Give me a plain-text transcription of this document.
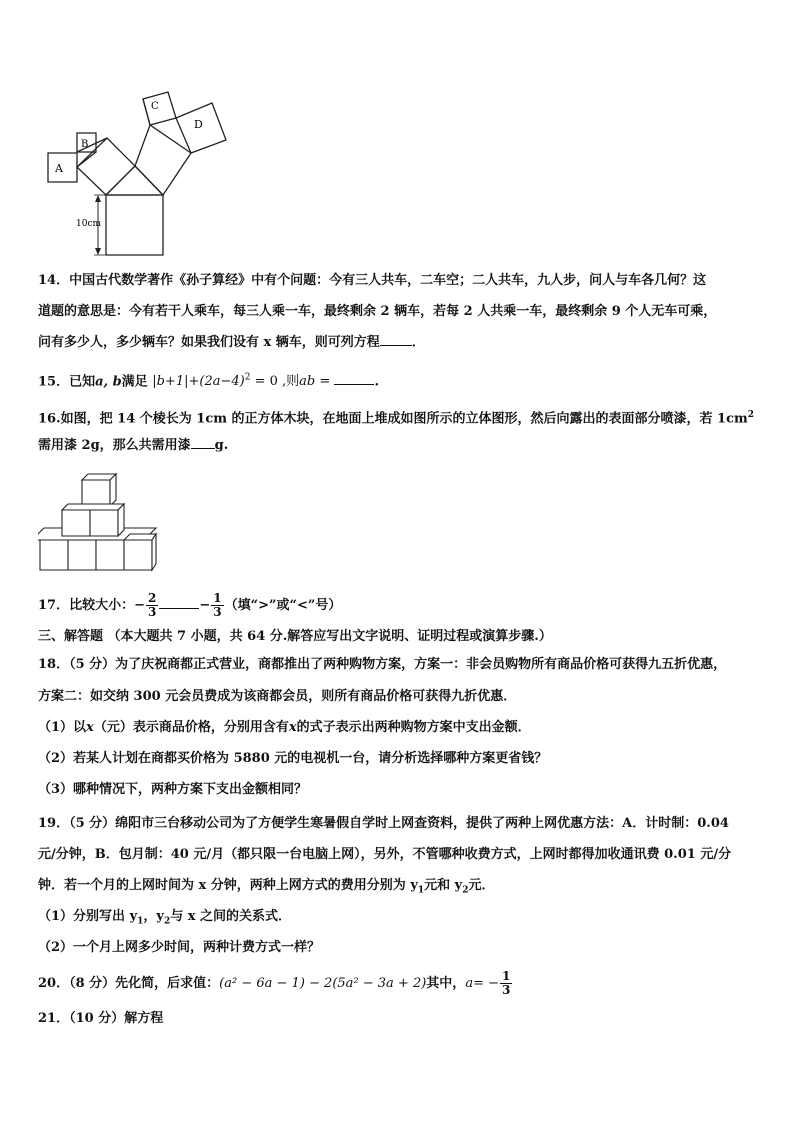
A
B
C
D
10cm
14．中国古代数学著作《孙子算经》中有个问题：今有三人共车，二车空；二人共车，九人步，问人与车各几何？这
道题的意思是：今有若干人乘车，每三人乘一车，最终剩余 2 辆车，若每 2 人共乘一车，最终剩余 9 个人无车可乘，
问有多少人，多少辆车？如果我们设有 x 辆车，则可列方程 ．
15．已知a, b满足 $|b+1|+(2a-4)^2 = 0$ ,则ab =	.
16.如图，把 14 个棱长为 1cm 的正方体木块，在地面上堆成如图所示的立体图形，然后向露出的表面部分喷漆，若 $1cm^2$
需用漆 2g，那么共需用漆 g.
17．比较大小：− $\frac{2}{3}$	− $\frac{1}{3}$ （填“>”或“<”号）
三、解答题 （本大题共 7 小题，共 64 分.解答应写出文字说明、证明过程或演算步骤.）
18．（5 分）为了庆祝商都正式营业，商都推出了两种购物方案，方案一：非会员购物所有商品价格可获得九五折优惠，
方案二：如交纳 300 元会员费成为该商都会员，则所有商品价格可获得九折优惠．
（1）以x（元）表示商品价格，分别用含有x的式子表示出两种购物方案中支出金额．
（2）若某人计划在商都买价格为 5880 元的电视机一台，请分析选择哪种方案更省钱？
（3）哪种情况下，两种方案下支出金额相同？
19．（5 分）绵阳市三台移动公司为了方便学生寒暑假自学时上网查资料，提供了两种上网优惠方法：A．计时制：0.04
元/分钟，B．包月制：40 元/月（都只限一台电脑上网），另外，不管哪种收费方式，上网时都得加收通讯费 0.01 元/分
钟．若一个月的上网时间为 x 分钟，两种上网方式的费用分别为 $y_1$元和 $y_2$元．
（1）分别写出 $y_1$，$y_2$与 x 之间的关系式．
（2）一个月上网多少时间，两种计费方式一样？
20．（8 分）先化简，后求值：(a² − 6a − 1) − 2(5a² − 3a + 2)其中，$a= - \frac{1}{3}$
21．（10 分）解方程
